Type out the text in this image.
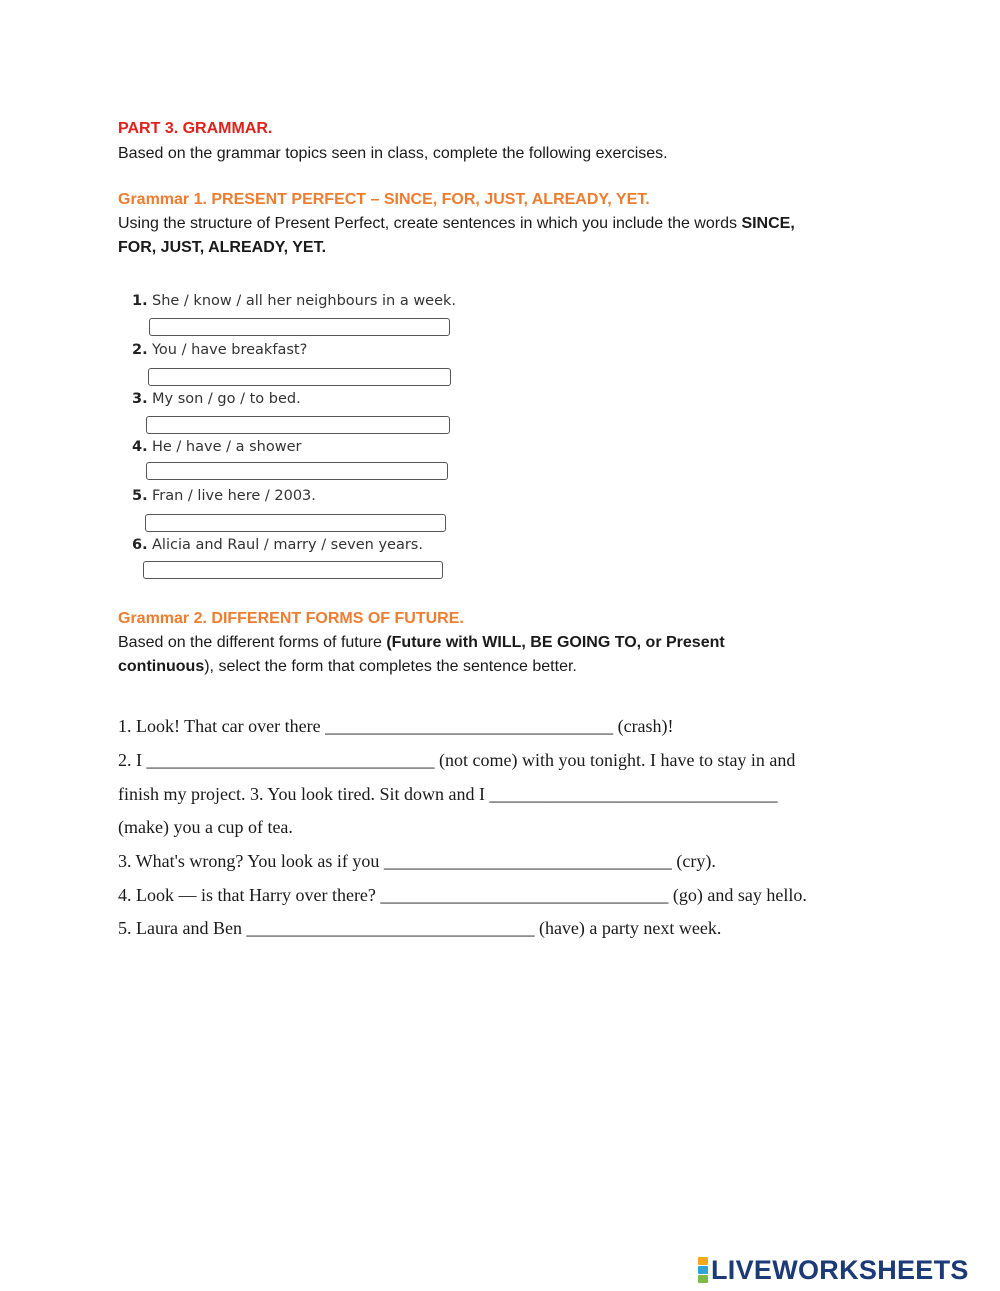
PART 3. GRAMMAR.
Based on the grammar topics seen in class, complete the following exercises.
Grammar 1. PRESENT PERFECT – SINCE, FOR, JUST, ALREADY, YET.
Using the structure of Present Perfect, create sentences in which you include the words SINCE,
FOR, JUST, ALREADY, YET.
1. She / know / all her neighbours in a week.
2. You / have breakfast?
3. My son / go / to bed.
4. He / have / a shower
5. Fran / live here / 2003.
6. Alicia and Raul / marry / seven years.
Grammar 2. DIFFERENT FORMS OF FUTURE.
Based on the different forms of future (Future with WILL, BE GOING TO, or Present
continuous), select the form that completes the sentence better.
1. Look! That car over there ________________________________ (crash)!
2. I ________________________________ (not come) with you tonight. I have to stay in and
finish my project. 3. You look tired. Sit down and I ________________________________
(make) you a cup of tea.
3. What's wrong? You look as if you ________________________________ (cry).
4. Look — is that Harry over there? ________________________________ (go) and say hello.
5. Laura and Ben ________________________________ (have) a party next week.
LIVEWORKSHEETS
